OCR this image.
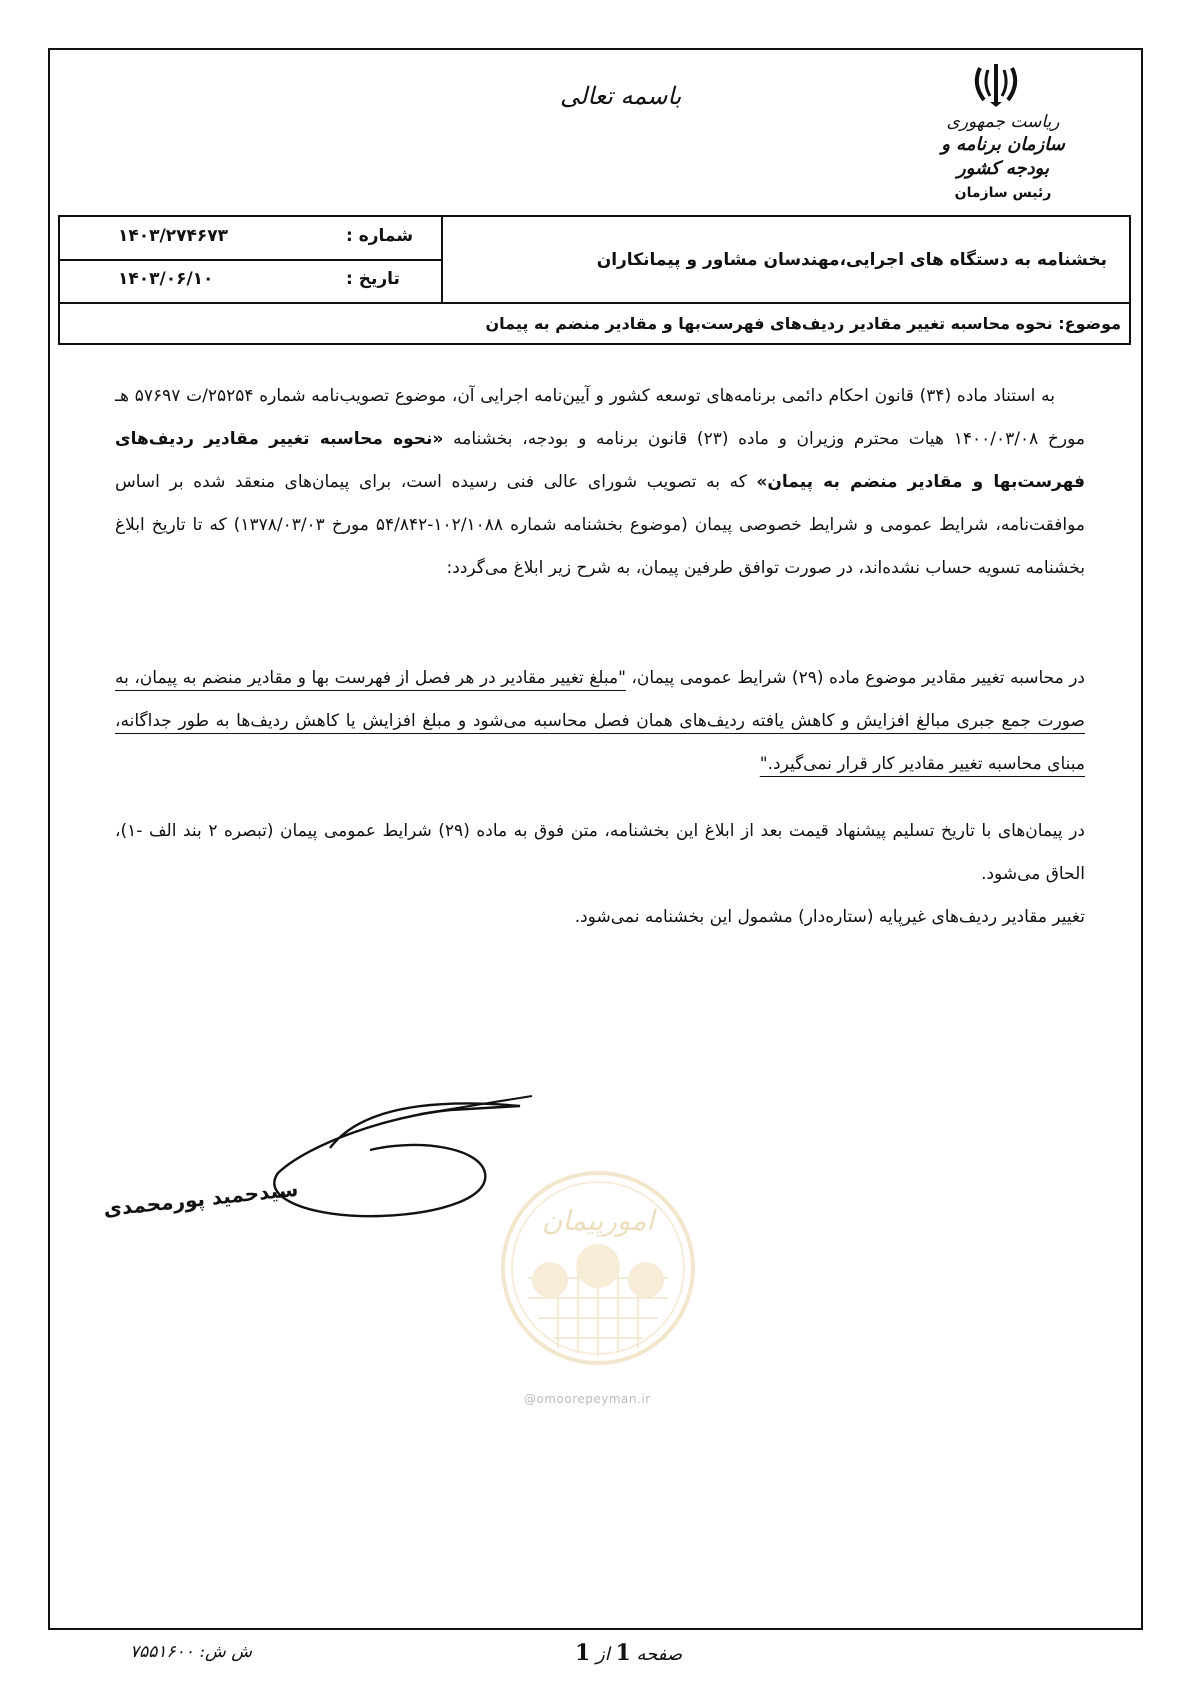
باسمه تعالی
ریاست جمهوری
سازمان برنامه و بودجه کشور
رئیس سازمان
بخشنامه به دستگاه های اجرایی،مهندسان مشاور و پیمانکاران
شماره :
۱۴۰۳/۲۷۴۶۷۳
تاریخ :
۱۴۰۳/۰۶/۱۰
موضوع: نحوه محاسبه تغییر مقادیر ردیف‌های فهرست‌بها و مقادیر منضم به پیمان

به استناد ماده (۳۴) قانون احکام دائمی برنامه‌های توسعه کشور و آیین‌نامه اجرایی آن، موضوع تصویب‌نامه شماره ۲۵۲۵۴/ت ۵۷۶۹۷ هـ مورخ ۱۴۰۰/۰۳/۰۸ هیات محترم وزیران و ماده (۲۳) قانون برنامه و بودجه، بخشنامه «نحوه محاسبه تغییر مقادیر ردیف‌های فهرست‌بها و مقادیر منضم به پیمان» که به تصویب شورای عالی فنی رسیده است، برای پیمان‌های منعقد شده بر اساس موافقت‌نامه، شرایط عمومی و شرایط خصوصی پیمان (موضوع بخشنامه شماره ۱۰۲/۱۰۸۸-۵۴/۸۴۲ مورخ ۱۳۷۸/۰۳/۰۳) که تا تاریخ ابلاغ بخشنامه تسویه حساب نشده‌اند، در صورت توافق طرفین پیمان، به شرح زیر ابلاغ می‌گردد:

در محاسبه تغییر مقادیر موضوع ماده (۲۹) شرایط عمومی پیمان، "مبلغ تغییر مقادیر در هر فصل از فهرست بها و مقادیر منضم به پیمان، به صورت جمع جبری مبالغ افزایش و کاهش یافته ردیف‌های همان فصل محاسبه می‌شود و مبلغ افزایش یا کاهش ردیف‌ها به طور جداگانه، مبنای محاسبه تغییر مقادیر کار قرار نمی‌گیرد."

در پیمان‌های با تاریخ تسلیم پیشنهاد قیمت بعد از ابلاغ این بخشنامه، متن فوق به ماده (۲۹) شرایط عمومی پیمان (تبصره ۲ بند الف -۱)، الحاق می‌شود.

تغییر مقادیر ردیف‌های غیرپایه (ستاره‌دار) مشمول این بخشنامه نمی‌شود.

سیدحمید پورمحمدی	امورپیمان
@omoorepeyman.ir
صفحه 1 از 1
ش ش: ۷۵۵۱۶۰۰
